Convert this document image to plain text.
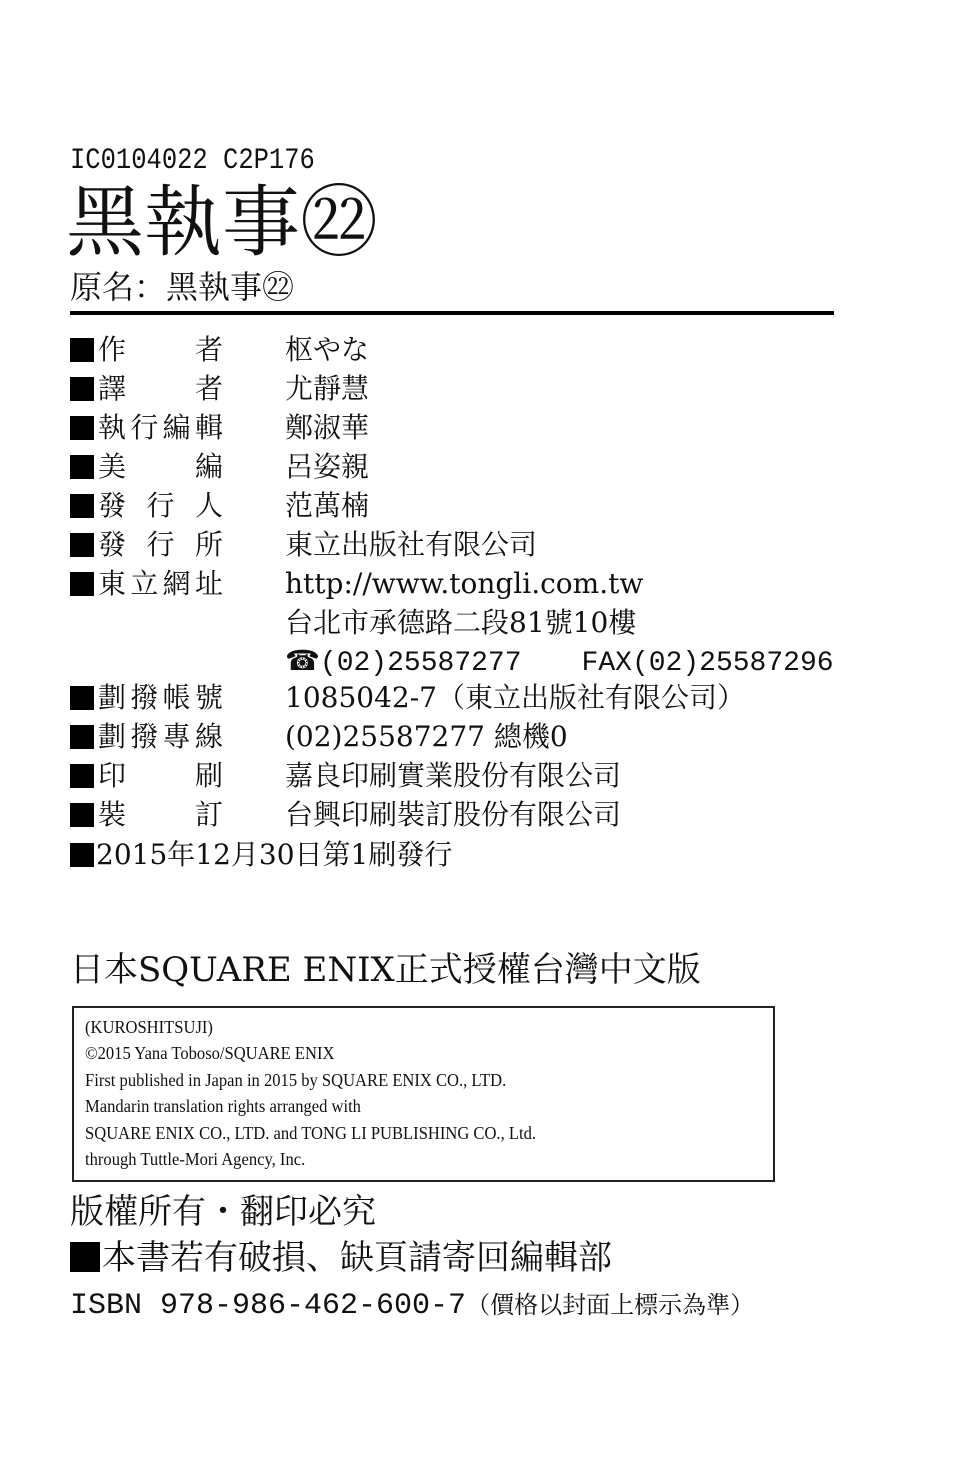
IC0104022 C2P176
黑執事㉒
原名：黑執事㉒
作　者 枢やな
譯　者 尤靜慧
執行編輯 鄭淑華
美　編 呂姿親
發行人 范萬楠
發行所 東立出版社有限公司
東立網址 http://www.tongli.com.tw
台北市承德路二段81號10樓
☎(02)25587277 FAX(02)25587296
劃撥帳號 1085042-7（東立出版社有限公司）
劃撥專線 (02)25587277 總機0
印　刷 嘉良印刷實業股份有限公司
裝　訂 台興印刷裝訂股份有限公司
2015年12月30日第1刷發行
日本SQUARE ENIX正式授權台灣中文版
(KUROSHITSUJI)
©2015 Yana Toboso/SQUARE ENIX
First published in Japan in 2015 by SQUARE ENIX CO., LTD.
Mandarin translation rights arranged with
SQUARE ENIX CO., LTD. and TONG LI PUBLISHING CO., Ltd.
through Tuttle-Mori Agency, Inc.
版權所有・翻印必究
本書若有破損、缺頁請寄回編輯部
ISBN 978-986-462-600-7（價格以封面上標示為準）
